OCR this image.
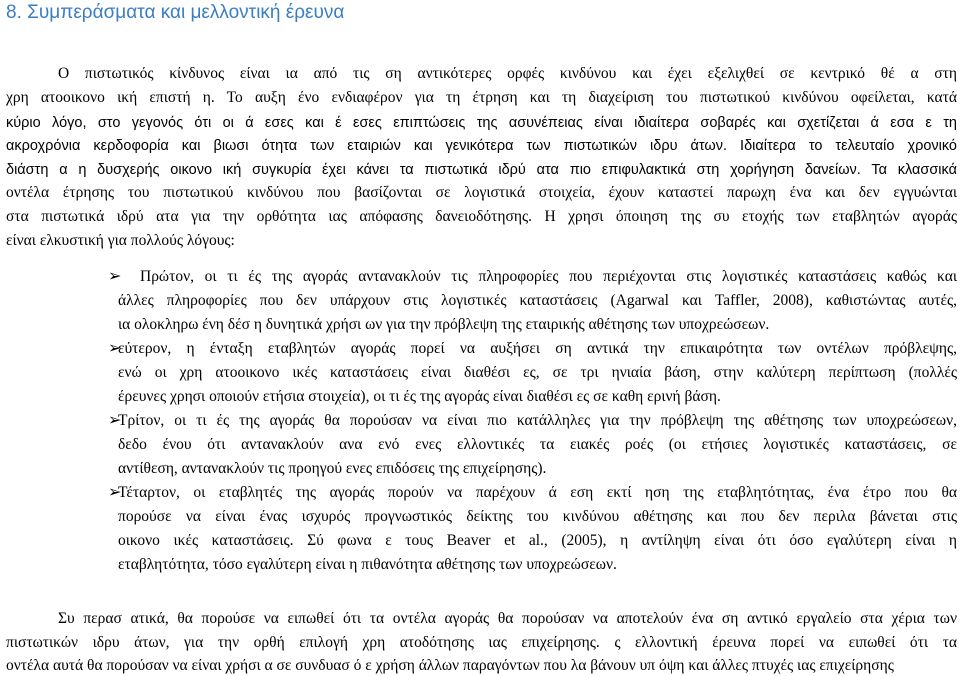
8. Συμπεράσματα και μελλοντική έρευνα
Ο πιστωτικός κίνδυνος είναι ια από τις ση αντικότερες ορφές κινδύνου και έχει εξελιχθεί σε κεντρικό θέ α στη
χρη ατοοικονο ική επιστή η. Το αυξη ένο ενδιαφέρον για τη έτρηση και τη διαχείριση του πιστωτικού κινδύνου οφείλεται, κατά
κύριο λόγο, στο γεγονός ότι οι ά εσες και έ εσες επιπτώσεις της ασυνέπειας είναι ιδιαίτερα σοβαρές και σχετίζεται ά εσα ε τη
ακροχρόνια κερδοφορία και βιωσι ότητα των εταιριών και γενικότερα των πιστωτικών ιδρυ άτων. Ιδιαίτερα το τελευταίο χρονικό
διάστη α η δυσχερής οικονο ική συγκυρία έχει κάνει τα πιστωτικά ιδρύ ατα πιο επιφυλακτικά στη χορήγηση δανείων. Τα κλασσικά
οντέλα έτρησης του πιστωτικού κινδύνου που βασίζονται σε λογιστικά στοιχεία, έχουν καταστεί παρωχη ένα και δεν εγγυώνται
στα πιστωτικά ιδρύ ατα για την ορθότητα ιας απόφασης δανειοδότησης. Η χρησι όποιηση της συ ετοχής των εταβλητών αγοράς
είναι ελκυστική για πολλούς λόγους:
➢ Πρώτον, οι τι ές της αγοράς αντανακλούν τις πληροφορίες που περιέχονται στις λογιστικές καταστάσεις καθώς και
άλλες πληροφορίες που δεν υπάρχουν στις λογιστικές καταστάσεις (Agarwal και Taffler, 2008), καθιστώντας αυτές,
ια ολοκληρω ένη δέσ η δυνητικά χρήσι ων για την πρόβλεψη της εταιρικής αθέτησης των υποχρεώσεων.
➢
εύτερον, η ένταξη εταβλητών αγοράς πορεί να αυξήσει ση αντικά την επικαιρότητα των οντέλων πρόβλεψης,
ενώ οι χρη ατοοικονο ικές καταστάσεις είναι διαθέσι ες, σε τρι ηνιαία βάση, στην καλύτερη περίπτωση (πολλές
έρευνες χρησι οποιούν ετήσια στοιχεία), οι τι ές της αγοράς είναι διαθέσι ες σε καθη ερινή βάση.
➢
Τρίτον, οι τι ές της αγοράς θα πορούσαν να είναι πιο κατάλληλες για την πρόβλεψη της αθέτησης των υποχρεώσεων,
δεδο ένου ότι αντανακλούν ανα ενό ενες ελλοντικές τα ειακές ροές (οι ετήσιες λογιστικές καταστάσεις, σε
αντίθεση, αντανακλούν τις προηγού ενες επιδόσεις της επιχείρησης).
➢
Τέταρτον, οι εταβλητές της αγοράς πορούν να παρέχουν ά εση εκτί ηση της εταβλητότητας, ένα έτρο που θα
πορούσε να είναι ένας ισχυρός προγνωστικός δείκτης του κινδύνου αθέτησης και που δεν περιλα βάνεται στις
οικονο ικές καταστάσεις. Σύ φωνα ε τους Beaver et al., (2005), η αντίληψη είναι ότι όσο εγαλύτερη είναι η
εταβλητότητα, τόσο εγαλύτερη είναι η πιθανότητα αθέτησης των υποχρεώσεων.
Συ περασ ατικά, θα πορούσε να ειπωθεί ότι τα οντέλα αγοράς θα πορούσαν να αποτελούν ένα ση αντικό εργαλείο στα χέρια των
πιστωτικών ιδρυ άτων, για την ορθή επιλογή χρη ατοδότησης ιας επιχείρησης. ς ελλοντική έρευνα πορεί να ειπωθεί ότι τα
οντέλα αυτά θα πορούσαν να είναι χρήσι α σε συνδυασ ό ε χρήση άλλων παραγόντων που λα βάνουν υπ όψη και άλλες πτυχές ιας επιχείρησης
